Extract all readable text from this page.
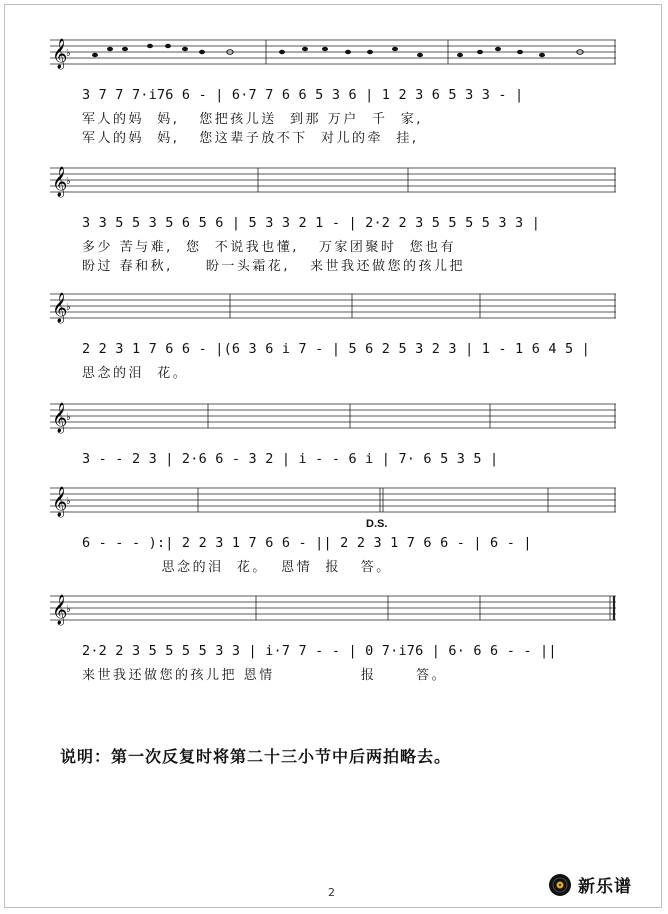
𝄞
♭
3 7 7 7·i76 6 - | 6·7 7 6 6 5 3 6 | 1 2 3 6 5 3 3 - |
军人的妈  妈,   您把孩儿送  到那 万户  千  家,
军人的妈  妈,   您这辈子放不下  对儿的牵  挂,
𝄞
♭
3 3 5 5 3 5 6 5 6 | 5 3 3 2 1 - | 2·2 2 3 5 5 5 5 3 3 |
多少 苦与难,  您  不说我也懂,   万家团聚时  您也有
盼过 春和秋,     盼一头霜花,   来世我还做您的孩儿把
𝄞
♭
2 2 3 1 7 6 6 - |(6 3 6 i 7 - | 5 6 2 5 3 2 3 | 1 - 1 6 4 5 |
思念的泪  花。
𝄞
♭
3 - - 2 3 | 2·6 6 - 3 2 | i - - 6 i | 7· 6 5 3 5 |
𝄞
♭
D.S.
6 - - - ):| 2 2 3 1 7 6 6 - || 2 2 3 1 7 6 6 - | 6 - |
思念的泪  花。  恩情  报   答。
𝄞
♭
2·2 2 3 5 5 5 5 3 3 | i·7 7 - - | 0 7·i76 | 6· 6 6 - - ||
来世我还做您的孩儿把 恩情             报      答。
说明：第一次反复时将第二十三小节中后两拍略去。
2	新乐谱
